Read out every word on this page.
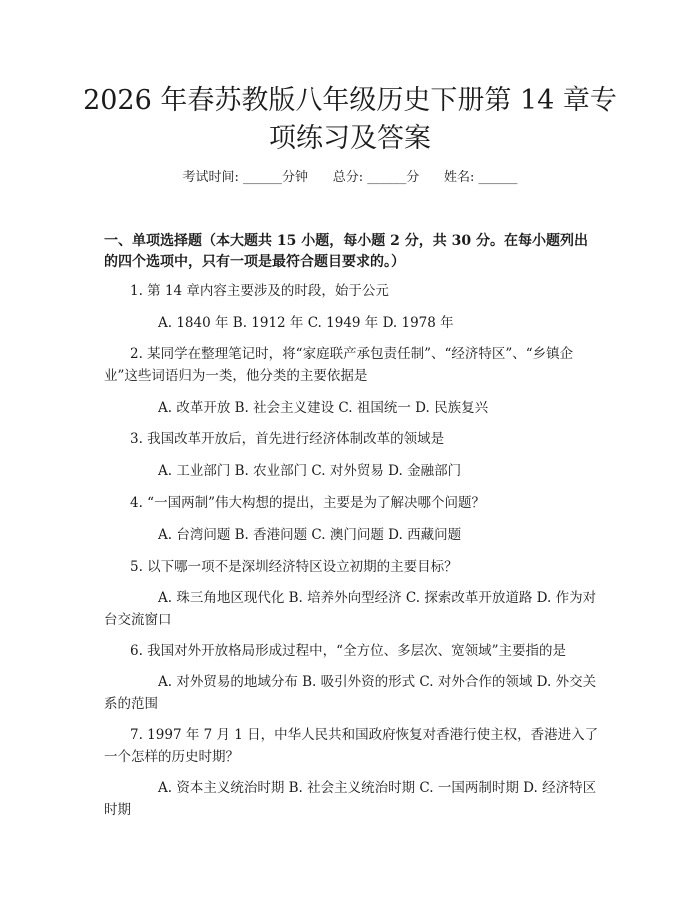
2026 年春苏教版八年级历史下册第 14 章专
项练习及答案
考试时间: ______分钟      总分: ______分      姓名: ______
一、单项选择题（本大题共 15 小题，每小题 2 分，共 30 分。在每小题列出的四个选项中，只有一项是最符合题目要求的。）
1. 第 14 章内容主要涉及的时段，始于公元
A. 1840 年 B. 1912 年 C. 1949 年 D. 1978 年
2. 某同学在整理笔记时，将“家庭联产承包责任制”、“经济特区”、“乡镇企业”这些词语归为一类，他分类的主要依据是
A. 改革开放 B. 社会主义建设 C. 祖国统一 D. 民族复兴
3. 我国改革开放后，首先进行经济体制改革的领域是
A. 工业部门 B. 农业部门 C. 对外贸易 D. 金融部门
4. “一国两制”伟大构想的提出，主要是为了解决哪个问题？
A. 台湾问题 B. 香港问题 C. 澳门问题 D. 西藏问题
5. 以下哪一项不是深圳经济特区设立初期的主要目标？
A. 珠三角地区现代化 B. 培养外向型经济 C. 探索改革开放道路 D. 作为对台交流窗口
6. 我国对外开放格局形成过程中，“全方位、多层次、宽领域”主要指的是
A. 对外贸易的地域分布 B. 吸引外资的形式 C. 对外合作的领域 D. 外交关系的范围
7. 1997 年 7 月 1 日，中华人民共和国政府恢复对香港行使主权，香港进入了一个怎样的历史时期？
A. 资本主义统治时期 B. 社会主义统治时期 C. 一国两制时期 D. 经济特区时期
